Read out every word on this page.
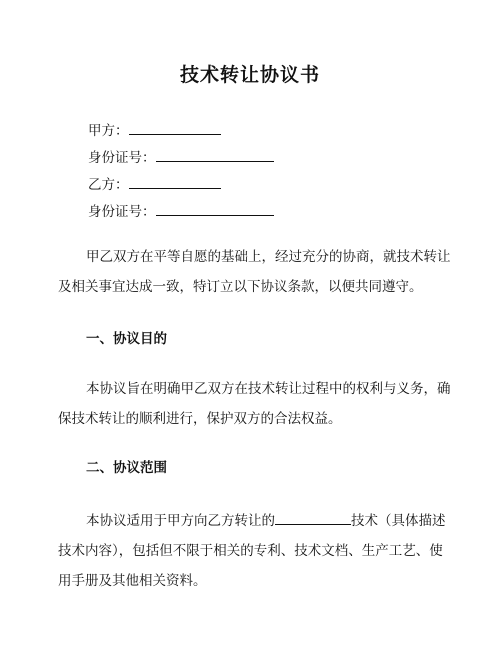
技术转让协议书
甲方：
身份证号：
乙方：
身份证号：
甲乙双方在平等自愿的基础上，经过充分的协商，就技术转让
及相关事宜达成一致，特订立以下协议条款，以便共同遵守。
一、协议目的
本协议旨在明确甲乙双方在技术转让过程中的权利与义务，确
保技术转让的顺利进行，保护双方的合法权益。
二、协议范围
本协议适用于甲方向乙方转让的	技术（具体描述
技术内容），包括但不限于相关的专利、技术文档、生产工艺、使
用手册及其他相关资料。
